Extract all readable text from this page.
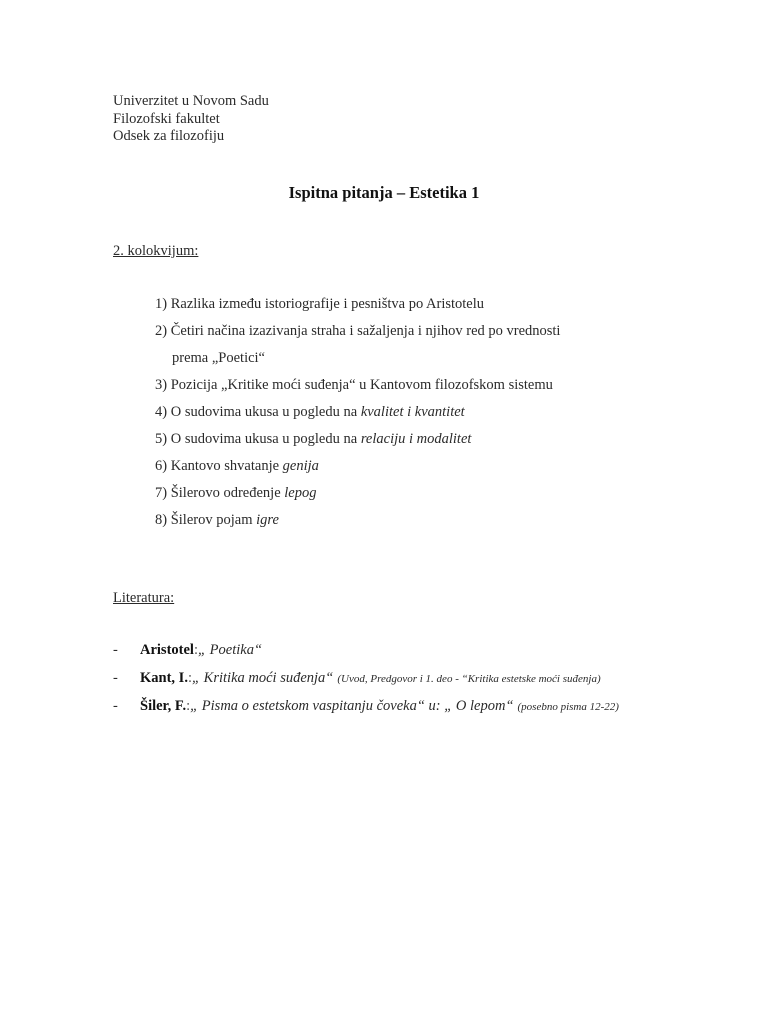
Univerzitet u Novom Sadu
Filozofski fakultet
Odsek za filozofiju
Ispitna pitanja – Estetika 1
2. kolokvijum:
1) Razlika između istoriografije i pesništva po Aristotelu
2) Četiri načina izazivanja straha i sažaljenja i njihov red po vrednosti
prema „Poetici“
3) Pozicija „Kritike moći suđenja“ u Kantovom filozofskom sistemu
4) O sudovima ukusa u pogledu na kvalitet i kvantitet
5) O sudovima ukusa u pogledu na relaciju i modalitet
6) Kantovo shvatanje genija
7) Šilerovo određenje lepog
8) Šilerov pojam igre
Literatura:
-	Aristotel : „ Poetika“
-	Kant, I. : „ Kritika moći suđenja“ (Uvod, Predgovor i 1. deo - “Kritika estetske moći suđenja)
-	Šiler, F. : „ Pisma o estetskom vaspitanju čoveka“ u: „ O lepom“ (posebno pisma 12-22)
